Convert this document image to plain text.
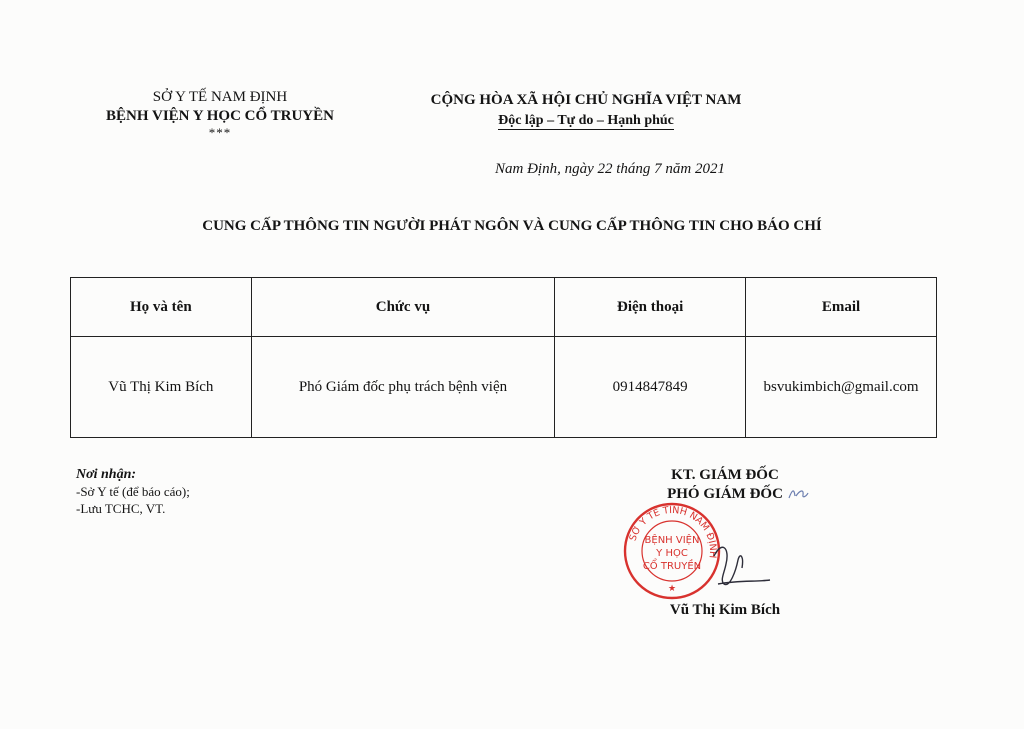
SỞ Y TẾ NAM ĐỊNH
BỆNH VIỆN Y HỌC CỔ TRUYỀN
***
CỘNG HÒA XÃ HỘI CHỦ NGHĨA VIỆT NAM
Độc lập – Tự do – Hạnh phúc
Nam Định, ngày 22 tháng 7 năm 2021
CUNG CẤP THÔNG TIN NGƯỜI PHÁT NGÔN VÀ CUNG CẤP THÔNG TIN CHO BÁO CHÍ
Họ và tên	Chức vụ	Điện thoại	Email
Vũ Thị Kim Bích	Phó Giám đốc phụ trách bệnh viện	0914847849	bsvukimbich@gmail.com
Nơi nhận:
-Sở Y tế (để báo cáo);
-Lưu TCHC, VT.
KT. GIÁM ĐỐC
PHÓ GIÁM ĐỐC
SỞ Y TẾ TỈNH NAM ĐỊNH
BỆNH VIỆN
Y HỌC
CỔ TRUYỀN
★
Vũ Thị Kim Bích
